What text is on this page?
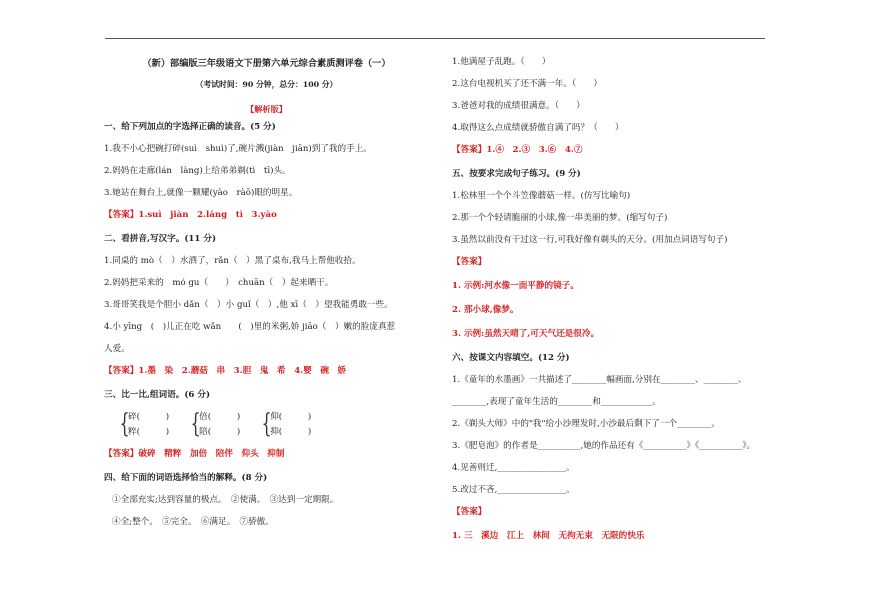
（新）部编版三年级语文下册第六单元综合素质测评卷（一）
（考试时间：90 分钟，总分：100 分）
【解析版】
一、给下列加点的字选择正确的读音。(5 分)
1.我不小心把碗打碎(suì　shuì)了,碗片溅(jiàn　jiān)到了我的手上。
2.妈妈在走廊(lán　làng)上给弟弟剃(tì　tī)头。
3.她站在舞台上,就像一颗耀(yào　ràō)眼的明星。
【答案】1.suì　jiàn　2.láng　tì　3.yào
二、看拼音,写汉字。(11 分)
1.同桌的 mò（　）水洒了，rǎn（　）黑了桌布,我马上帮他收拾。
2.妈妈把采来的　mó gu（　　）　chuān（　）起来晒干。
3.哥哥笑我是个胆小 dǎn（　）小 guǐ（　）,他 xī（　）望我能勇敢一些。
4.小 yīng　(　)儿正在吃 wǎn　　(　)里的米粥,娇 jiāo（　）嫩的脸庞真惹
人爱。
【答案】1.墨　染　2.蘑菇　串　3.胆　鬼　希　4.婴　碗　娇
三、比一比,组词语。(6 分)
{
碎(　　　)
粹(　　　) {
倍(　　　)
陪(　　　) {
仰(　　　)
抑(　　　)
【答案】破碎　精粹　加倍　陪伴　仰头　抑制
四、给下面的词语选择恰当的解释。(8 分)
①全部充实;达到容量的极点。　②使满。　③达到一定期限。
④全;整个。　⑤完全。　⑥满足。　⑦骄傲。
1.他满屋子乱跑。（　　）
2.这台电视机买了还不满一年。（　　）
3.爸爸对我的成绩很满意。（　　）
4.取得这么点成绩就骄傲自满了吗？（　　）
【答案】1.④　2.③　3.⑥　4.⑦
五、按要求完成句子练习。(9 分)
1.松林里一个个斗笠像蘑菇一样。(仿写比喻句)
2.那一个个轻请脆丽的小球,像一串美丽的梦。(缩写句子)
3.虽然以前没有干过这一行,可我好像有剃头的天分。(用加点词语写句子)
【答案】
1. 示例:河水像一面平静的镜子。
2. 那小球,像梦。
3. 示例:虽然天晴了,可天气还是很冷。
六、按课文内容填空。(12 分)
1.《童年的水墨画》一共描述了________幅画面,分别在________、________、
________,表现了童年生活的________和____________。
2.《剃头大师》中的"我"给小沙理发时,小沙最后剩下了一个________。
3.《肥皂泡》的作者是__________,她的作品还有《__________》《__________》。
4.见善则迁,________________。
5.改过不吝,________________。
【答案】
1. 三　溪边　江上　林间　无拘无束　无限的快乐
